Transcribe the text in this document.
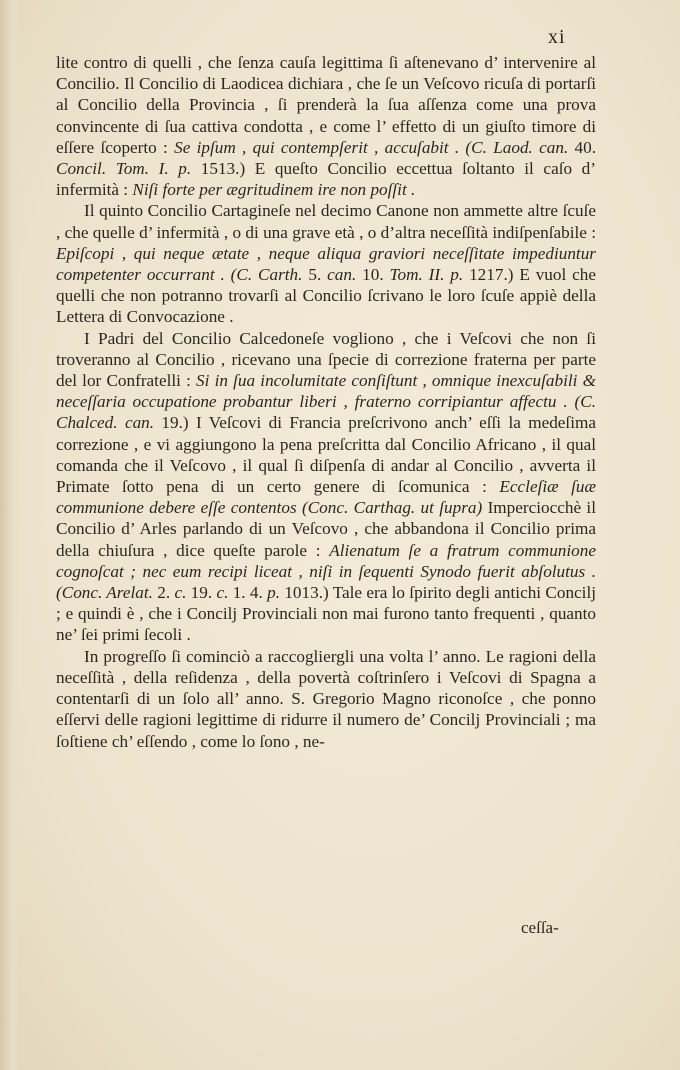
xi

lite contro di quelli , che ſenza cauſa legittima ſi aſtenevano d’ intervenire al Concilio. Il Concilio di Laodicea dichiara , che ſe un Veſcovo ricuſa di portarſi al Concilio della Provincia , ſi prenderà la ſua aſſenza come una prova convincente di ſua cattiva condotta , e come l’ effetto di un giuſto timore di eſſere ſcoperto : Se ipſum , qui contempſerit , accuſabit . (C. Laod. can. 40. Concil. Tom. I. p. 1513.) E queſto Concilio eccettua ſoltanto il caſo d’ infermità : Niſi forte per ægritudinem ire non poſſit .

Il quinto Concilio Cartagineſe nel decimo Canone non ammette altre ſcuſe , che quelle d’ infermità , o di una grave età , o d’altra neceſſità indiſpenſabile : Epiſcopi , qui neque ætate , neque aliqua graviori neceſſitate impediuntur competenter occurrant . (C. Carth. 5. can. 10. Tom. II. p. 1217.) E vuol che quelli che non potranno trovarſi al Concilio ſcrivano le loro ſcuſe appiè della Lettera di Convocazione .

I Padri del Concilio Calcedoneſe vogliono , che i Veſcovi che non ſi troveranno al Concilio , ricevano una ſpecie di correzione fraterna per parte del lor Confratelli : Si in ſua incolumitate conſiſtunt , omnique inexcuſabili & neceſſaria occupatione probantur liberi , fraterno corripiantur affectu . (C. Chalced. can. 19.) I Veſcovi di Francia preſcrivono anch’ eſſi la medeſima correzione , e vi aggiungono la pena preſcritta dal Concilio Africano , il qual comanda che il Veſcovo , il qual ſi diſpenſa di andar al Concilio , avverta il Primate ſotto pena di un certo genere di ſcomunica : Eccleſiæ ſuæ communione debere eſſe contentos (Conc. Carthag. ut ſupra) Imperciocchè il Concilio d’ Arles parlando di un Veſcovo , che abbandona il Concilio prima della chiuſura , dice queſte parole : Alienatum ſe a fratrum communione cognoſcat ; nec eum recipi liceat , niſi in ſequenti Synodo fuerit abſolutus . (Conc. Arelat. 2. c. 19. c. 1. 4. p. 1013.) Tale era lo ſpirito degli antichi Concilj ; e quindi è , che i Concilj Provinciali non mai furono tanto frequenti , quanto ne’ ſei primi ſecoli .

In progreſſo ſi cominciò a raccogliergli una volta l’ anno. Le ragioni della neceſſità , della reſidenza , della povertà coſtrinſero i Veſcovi di Spagna a contentarſi di un ſolo all’ anno. S. Gregorio Magno riconoſce , che ponno eſſervi delle ragioni legittime di ridurre il numero de’ Concilj Provinciali ; ma ſoſtiene ch’ eſſendo , come lo ſono , ne-

ceſſa-
